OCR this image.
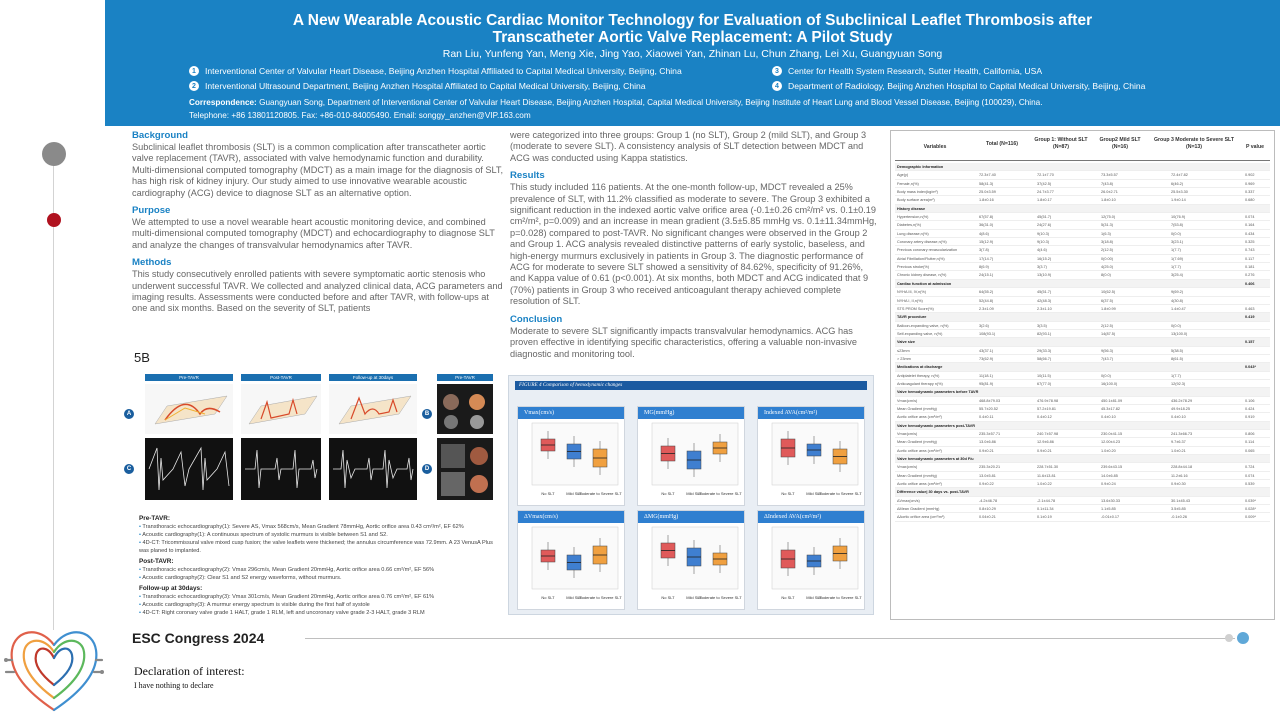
A New Wearable Acoustic Cardiac Monitor Technology for Evaluation of Subclinical Leaflet Thrombosis after
Transcatheter Aortic Valve Replacement: A Pilot Study
Ran Liu, Yunfeng Yan, Meng Xie, Jing Yao, Xiaowei Yan, Zhinan Lu, Chun Zhang, Lei Xu, Guangyuan Song
1	Interventional Center of Valvular Heart Disease, Beijing Anzhen Hospital Affiliated to Capital Medical University, Beijing, China
2	Interventional Ultrasound Department, Beijing Anzhen Hospital Affiliated to Capital Medical University, Beijing, China
3	Center for Health System Research, Sutter Health, California, USA
4	Department of Radiology, Beijing Anzhen Hospital to Capital Medical University, Beijing, China
Correspondence: Guangyuan Song, Department of Interventional Center of Valvular Heart Disease, Beijing Anzhen Hospital, Capital Medical University, Beijing Institute of Heart Lung and Blood Vessel Disease, Beijing (100029), China.
Telephone: +86 13801120805. Fax: +86-010-84005490. Email: songgy_anzhen@VIP.163.com
Background
Subclinical leaflet thrombosis (SLT) is a common complication after transcatheter aortic valve replacement (TAVR), associated with valve hemodynamic function and durability. Multi-dimensional computed tomography (MDCT) as a main image for the diagnosis of SLT, has high risk of kidney injury. Our study aimed to use innovative wearable acoustic cardiography (ACG) device to diagnose SLT as an alternative option.
Purpose
We attempted to use a novel wearable heart acoustic monitoring device, and combined multi-dimensional computed tomography (MDCT) and echocardiography to diagnose SLT and analyze the changes of transvalvular hemodynamics after TAVR.
Methods
This study consecutively enrolled patients with severe symptomatic aortic stenosis who underwent successful TAVR. We collected and analyzed clinical data, ACG parameters and imaging results. Assessments were conducted before and after TAVR, with follow-ups at one and six months. Based on the severity of SLT, patients
5B
Pre-TAVR	Post-TAVR	Follow-up at 30days	Pre-TAVR
A
C
B
D
Pre-TAVR:
• Transthoracic echocardiography(1): Severe AS, Vmax 568cm/s, Mean Gradient 78mmHg, Aortic orifice area 0.43 cm²/m², EF 62%
• Acoustic cardiography(1): A continuous spectrum of systolic murmurs is visible between S1 and S2.
• 4D-CT: Tricommissural valve mixed cusp fusion; the valve leaflets were thickened; the annulus circumference was 72.9mm. A 23 VenusA Plus was planed to implanted.
Post-TAVR:
• Transthoracic echocardiography(2): Vmax 296cm/s, Mean Gradient 20mmHg, Aortic orifice area 0.66 cm²/m², EF 56%
• Acoustic cardiography(2): Clear S1 and S2 energy waveforms, without murmurs.
Follow-up at 30days:
• Transthoracic echocardiography(3): Vmax 301cm/s, Mean Gradient 20mmHg, Aortic orifice area 0.76 cm²/m², EF 61%
• Acoustic cardiography(3): A murmur energy spectrum is visible during the first half of systole
• 4D-CT: Right coronary valve grade 1 HALT, grade 1 RLM, left and uncoronary valve grade 2-3 HALT, grade 3 RLM
ESC Congress 2024
Declaration of interest:
I have nothing to declare
were categorized into three groups: Group 1 (no SLT), Group 2 (mild SLT), and Group 3 (moderate to severe SLT). A consistency analysis of SLT detection between MDCT and ACG was conducted using Kappa statistics.
Results
This study included 116 patients. At the one-month follow-up, MDCT revealed a 25% prevalence of SLT, with 11.2% classified as moderate to severe. The Group 3 exhibited a significant reduction in the indexed aortic valve orifice area (-0.1±0.26 cm²/m² vs. 0.1±0.19 cm²/m², p=0.009) and an increase in mean gradient (3.5±5.85 mmHg vs. 0.1±11.34mmHg, p=0.028) compared to post-TAVR. No significant changes were observed in the Group 2 and Group 1. ACG analysis revealed distinctive patterns of early systolic, baseless, and high-energy murmurs exclusively in patients in Group 3. The diagnostic performance of ACG for moderate to severe SLT showed a sensitivity of 84.62%, specificity of 91.26%, and Kappa value of 0.61 (p<0.001). At six months, both MDCT and ACG indicated that 9 (70%) patients in Group 3 who received anticoagulant therapy achieved complete resolution of SLT.
Conclusion
Moderate to severe SLT significantly impacts transvalvular hemodynamics. ACG has proven effective in identifying specific characteristics, offering a valuable non-invasive diagnostic and monitoring tool.
FIGURE 4 Comparison of hemodynamic changes
Vmax(cm/s)
No SLT	Mild SLT
Moderate to Severe SLT
MG(mmHg)
No SLT	Mild SLT
Moderate to Severe SLT
Indexed AVA(cm²/m²)
No SLT	Mild SLT
Moderate to Severe SLT
ΔVmax(cm/s)
No SLT	Mild SLT
Moderate to Severe SLT
ΔMG(mmHg)
No SLT	Mild SLT
Moderate to Severe SLT
ΔIndexed AVA(cm²/m²)
No SLT	Mild SLT
Moderate to Severe SLT
Variables	Total (N=116)
Group 1: Without SLT (N=87)
Group2 Mild SLT (N=16)
Group 3 Moderate to Severe SLT (N=13)	P value
Demographic Information
Age(y)	72.3±7.40	72.1±7.70	73.3±5.57	72.4±7.82	0.902
Female,n(%)	58(41.3)	37(42.5)	7(43.8)	6(46.2)	0.969
Body mass index(kg/m²)	25.0±3.59	24.7±3.77	26.0±2.71	25.5±3.30	0.337
Body surface area(m²)	1.8±0.16	1.8±0.17	1.8±0.10	1.9±0.14	0.680
History disease
Hypertension,n(%)	67(57.8)	45(51.7)	12(75.0)	10(76.9)	0.074
Diabetes,n(%)	36(31.0)	24(27.6)	5(31.3)	7(53.8)	0.164
Lung disease,n(%)	4(8.6)	9(10.3)	1(6.3)	0(0.0)	0.434
Coronary artery disease,n(%)	15(12.9)	9(10.3)	3(18.8)	3(23.1)	0.325
Previous coronary revascularization	3(7.8)	4(4.6)	2(12.5)	1(7.7)	0.743
Atrial Fibrillation/Flutter,n(%)	17(14.7)	16(15.2)	0(0.00)	1(7.69)	0.117
Previous stroke(%)	8(6.9)	3(3.7)	4(25.0)	1(7.7)	0.181
Chronic kidney disease, n(%)	24(15.1)	13(10.9)	8(0.0)	3(25.4)	0.276
Cardiac function at admission	0.406
NYHA III, IV,n(%)	64(55.2)	45(51.7)	10(62.5)	9(69.2)
NYHA I, II,n(%)	52(44.8)	42(48.3)	6(37.5)	4(30.8)
STS PROM Score(%)	2.3±1.09	2.3±1.10	1.8±0.99	1.4±0.47	0.463
TAVR procedure	0.419
Balloon-expanding valve, n(%)	3(2.6)	3(3.5)	2(12.5)	0(0.0)
Self-expanding valve, n(%)	108(93.1)	82(93.1)	14(87.5)	13(100.0)
Valve size	0.157
≤23mm	43(37.1)	29(33.3)	9(56.3)	5(38.5)
> 23mm	73(62.9)	58(66.7)	7(43.7)	8(61.5)
Medications at discharge	0.043*
Antiplatelet therapy, n(%)	11(18.1)	10(11.5)	0(0.0)	1(7.7)
Anticoagulant therapy n(%)	95(81.9)	67(77.0)	16(100.0)	12(92.3)
Valve hemodynamic parameters before TAVR
Vmax(cm/s)	468.8±79.03	476.9±78.98	450.1±81.09	436.2±78.29	0.106
Mean Gradient (mmHg)	55.7±20.52	57.2±19.81	45.3±17.82	49.9±18.25	0.424
Aortic orifice area (cm²/m²)	0.4±0.11	0.4±0.12	0.4±0.10	0.4±0.10	0.919
Valve hemodynamic parameters post-TAVR
Vmax(cm/s)	235.3±57.71	240.7±57.98	230.0±41.15	241.3±66.73	0.806
Mean Gradient (mmHg)	13.0±6.86	12.9±6.86	12.00±4.23	9.7±6.37	0.114
Aortic orifice area (cm²/m²)	0.9±0.21	0.9±0.21	1.0±0.20	1.0±0.21	0.065
Valve hemodynamic parameters at 30d F/u
Vmax(cm/s)	235.3±20.21	228.7±51.30	239.6±43.15	228.8±44.18	0.724
Mean Gradient (mmHg)	13.0±5.81	11.6±13.81	14.0±6.85	11.2±6.16	0.074
Aortic orifice area (cm²/m²)	0.9±0.22	1.0±0.22	0.9±0.24	0.9±0.30	0.539
Difference value| 30 days vs. post-TAVR
ΔVmax(cm/s)	-4.2±46.78	-2.1±44.78	13.6±30.33	30.1±45.43	0.039*
ΔMean Gradient (mmHg)	0.8±10.29	0.1±11.34	1.1±5.85	3.5±5.85	0.028*
ΔAortic orifice area (cm²/m²)	0.04±0.21	0.1±0.19	-0.01±0.17	-0.1±0.26	0.009*
